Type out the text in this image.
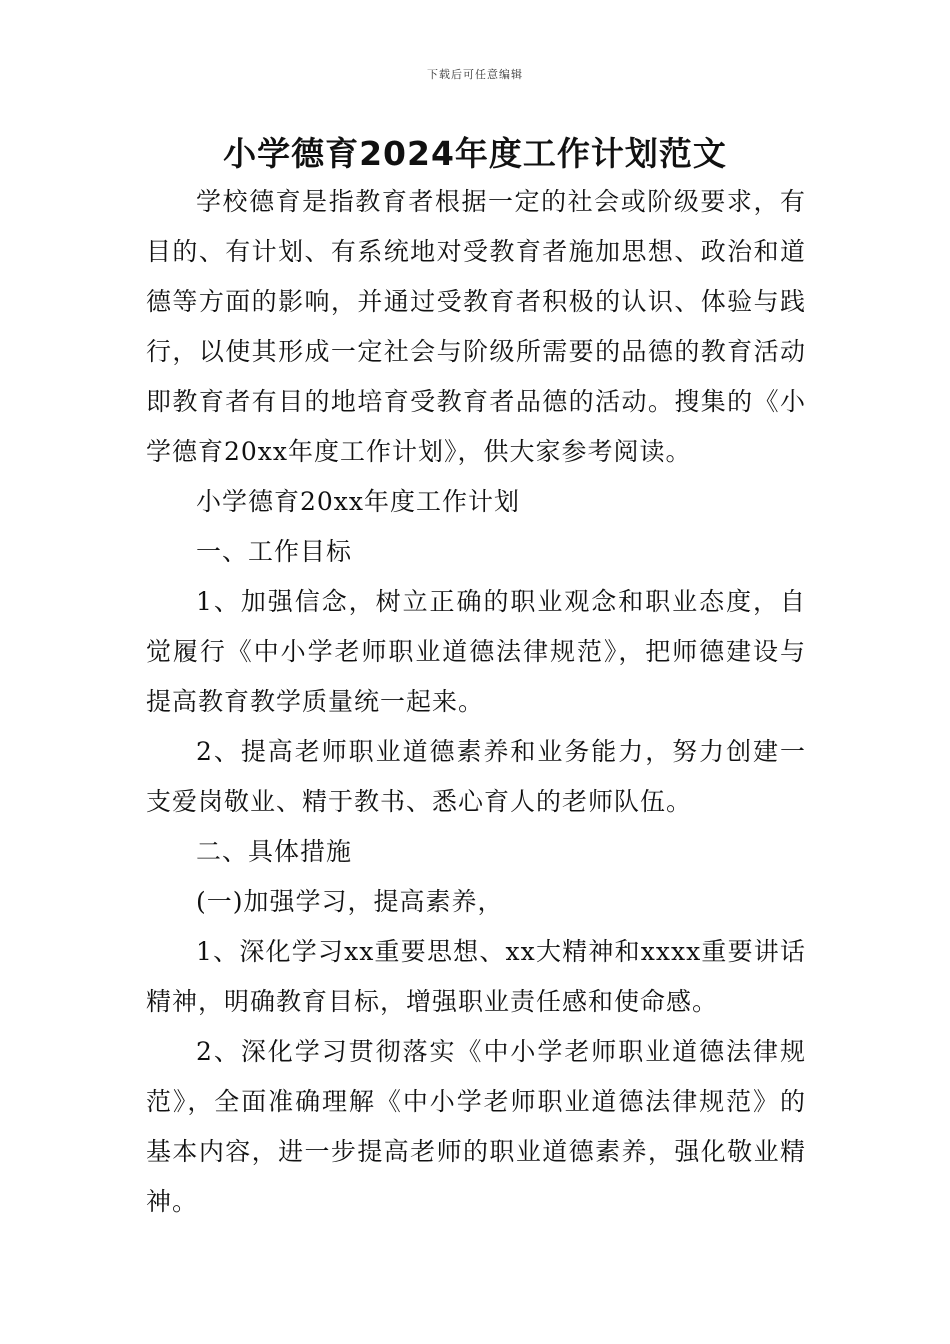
下载后可任意编辑
小学德育2024年度工作计划范文

学校德育是指教育者根据一定的社会或阶级要求，有目的、有计划、有系统地对受教育者施加思想、政治和道德等方面的影响，并通过受教育者积极的认识、体验与践行，以使其形成一定社会与阶级所需要的品德的教育活动即教育者有目的地培育受教育者品德的活动。搜集的《小学德育20xx年度工作计划》，供大家参考阅读。

小学德育20xx年度工作计划

一、工作目标

1、加强信念，树立正确的职业观念和职业态度，自觉履行《中小学老师职业道德法律规范》，把师德建设与提高教育教学质量统一起来。

2、提高老师职业道德素养和业务能力，努力创建一支爱岗敬业、精于教书、悉心育人的老师队伍。

二、具体措施

(一)加强学习，提高素养，

1、深化学习xx重要思想、xx大精神和xxxx重要讲话精神，明确教育目标，增强职业责任感和使命感。

2、深化学习贯彻落实《中小学老师职业道德法律规范》，全面准确理解《中小学老师职业道德法律规范》的基本内容，进一步提高老师的职业道德素养，强化敬业精神。
